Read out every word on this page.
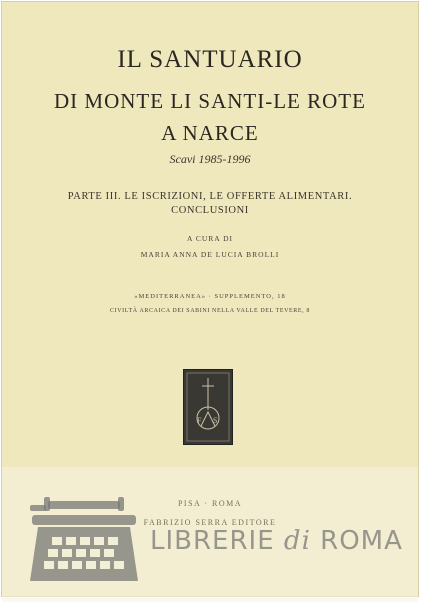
IL SANTUARIO
DI MONTE LI SANTI-LE ROTE
A NARCE
Scavi 1985-1996
PARTE III. LE ISCRIZIONI, LE OFFERTE ALIMENTARI.
CONCLUSIONI
A CURA DI
MARIA ANNA DE LUCIA BROLLI
«MEDITERRANEA» · SUPPLEMENTO, 18
CIVILTÀ ARCAICA DEI SABINI NELLA VALLE DEL TEVERE, 8
F S
PISA · ROMA
FABRIZIO SERRA EDITORE
LIBRERIE di ROMA
